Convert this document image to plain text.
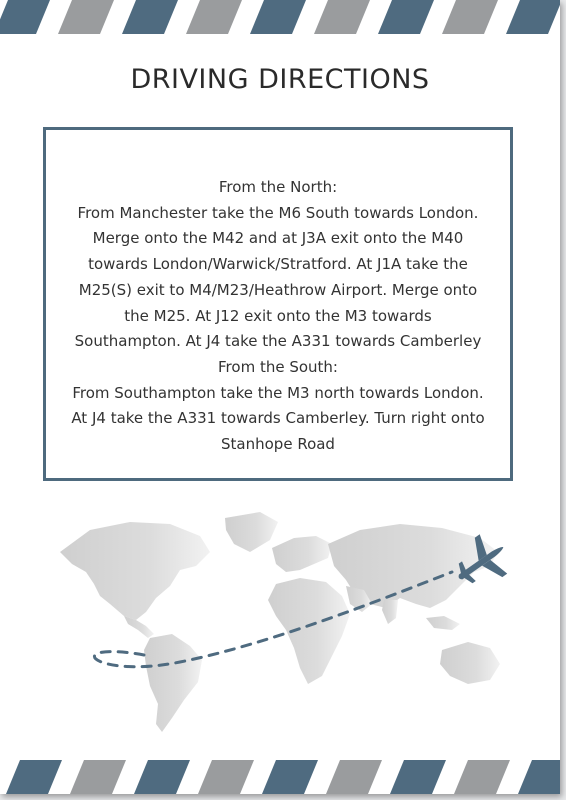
DRIVING DIRECTIONS
From the North:
From Manchester take the M6 South towards London.
Merge onto the M42 and at J3A exit onto the M40
towards London/Warwick/Stratford. At J1A take the
M25(S) exit to M4/M23/Heathrow Airport. Merge onto
the M25. At J12 exit onto the M3 towards
Southampton. At J4 take the A331 towards Camberley
From the South:
From Southampton take the M3 north towards London.
At J4 take the A331 towards Camberley. Turn right onto
Stanhope Road
